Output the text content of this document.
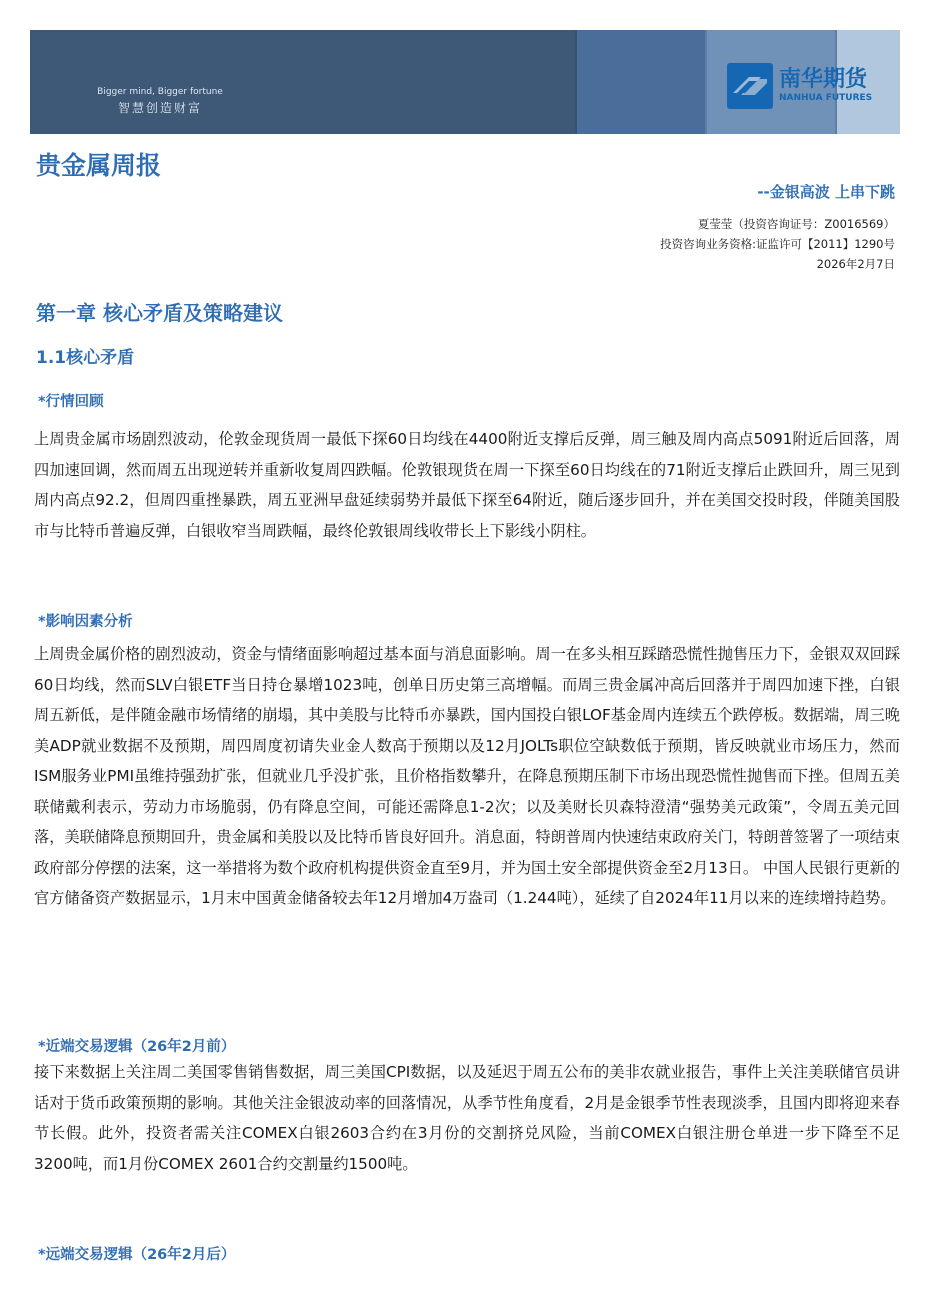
Bigger mind, Bigger fortune
智慧创造财富
南华期货
NANHUA FUTURES
贵金属周报
--金银高波 上串下跳
夏莹莹（投资咨询证号：Z0016569）
投资咨询业务资格:证监许可【2011】1290号
2026年2月7日
第一章 核心矛盾及策略建议
1.1核心矛盾
*行情回顾

上周贵金属市场剧烈波动，伦敦金现货周一最低下探60日均线在4400附近支撑后反弹，周三触及周内高点5091附近后回落，周四加速回调，然而周五出现逆转并重新收复周四跌幅。伦敦银现货在周一下探至60日均线在的71附近支撑后止跌回升，周三见到周内高点92.2，但周四重挫暴跌，周五亚洲早盘延续弱势并最低下探至64附近，随后逐步回升，并在美国交投时段，伴随美国股市与比特币普遍反弹，白银收窄当周跌幅，最终伦敦银周线收带长上下影线小阴柱。

*影响因素分析

上周贵金属价格的剧烈波动，资金与情绪面影响超过基本面与消息面影响。周一在多头相互踩踏恐慌性抛售压力下，金银双双回踩60日均线，然而SLV白银ETF当日持仓暴增1023吨，创单日历史第三高增幅。而周三贵金属冲高后回落并于周四加速下挫，白银周五新低，是伴随金融市场情绪的崩塌，其中美股与比特币亦暴跌，国内国投白银LOF基金周内连续五个跌停板。数据端，周三晚美ADP就业数据不及预期，周四周度初请失业金人数高于预期以及12月JOLTs职位空缺数低于预期，皆反映就业市场压力，然而ISM服务业PMI虽维持强劲扩张，但就业几乎没扩张，且价格指数攀升，在降息预期压制下市场出现恐慌性抛售而下挫。但周五美联储戴利表示，劳动力市场脆弱，仍有降息空间，可能还需降息1-2次；以及美财长贝森特澄清“强势美元政策”，令周五美元回落，美联储降息预期回升，贵金属和美股以及比特币皆良好回升。消息面，特朗普周内快速结束政府关门，特朗普签署了一项结束政府部分停摆的法案，这一举措将为数个政府机构提供资金直至9月，并为国土安全部提供资金至2月13日。 中国人民银行更新的官方储备资产数据显示，1月末中国黄金储备较去年12月增加4万盎司（1.244吨），延续了自2024年11月以来的连续增持趋势。

*近端交易逻辑（26年2月前）

接下来数据上关注周二美国零售销售数据，周三美国CPI数据，以及延迟于周五公布的美非农就业报告，事件上关注美联储官员讲话对于货币政策预期的影响。其他关注金银波动率的回落情况，从季节性角度看，2月是金银季节性表现淡季，且国内即将迎来春节长假。此外，投资者需关注COMEX白银2603合约在3月份的交割挤兑风险，当前COMEX白银注册仓单进一步下降至不足3200吨，而1月份COMEX 2601合约交割量约1500吨。

*远端交易逻辑（26年2月后）
